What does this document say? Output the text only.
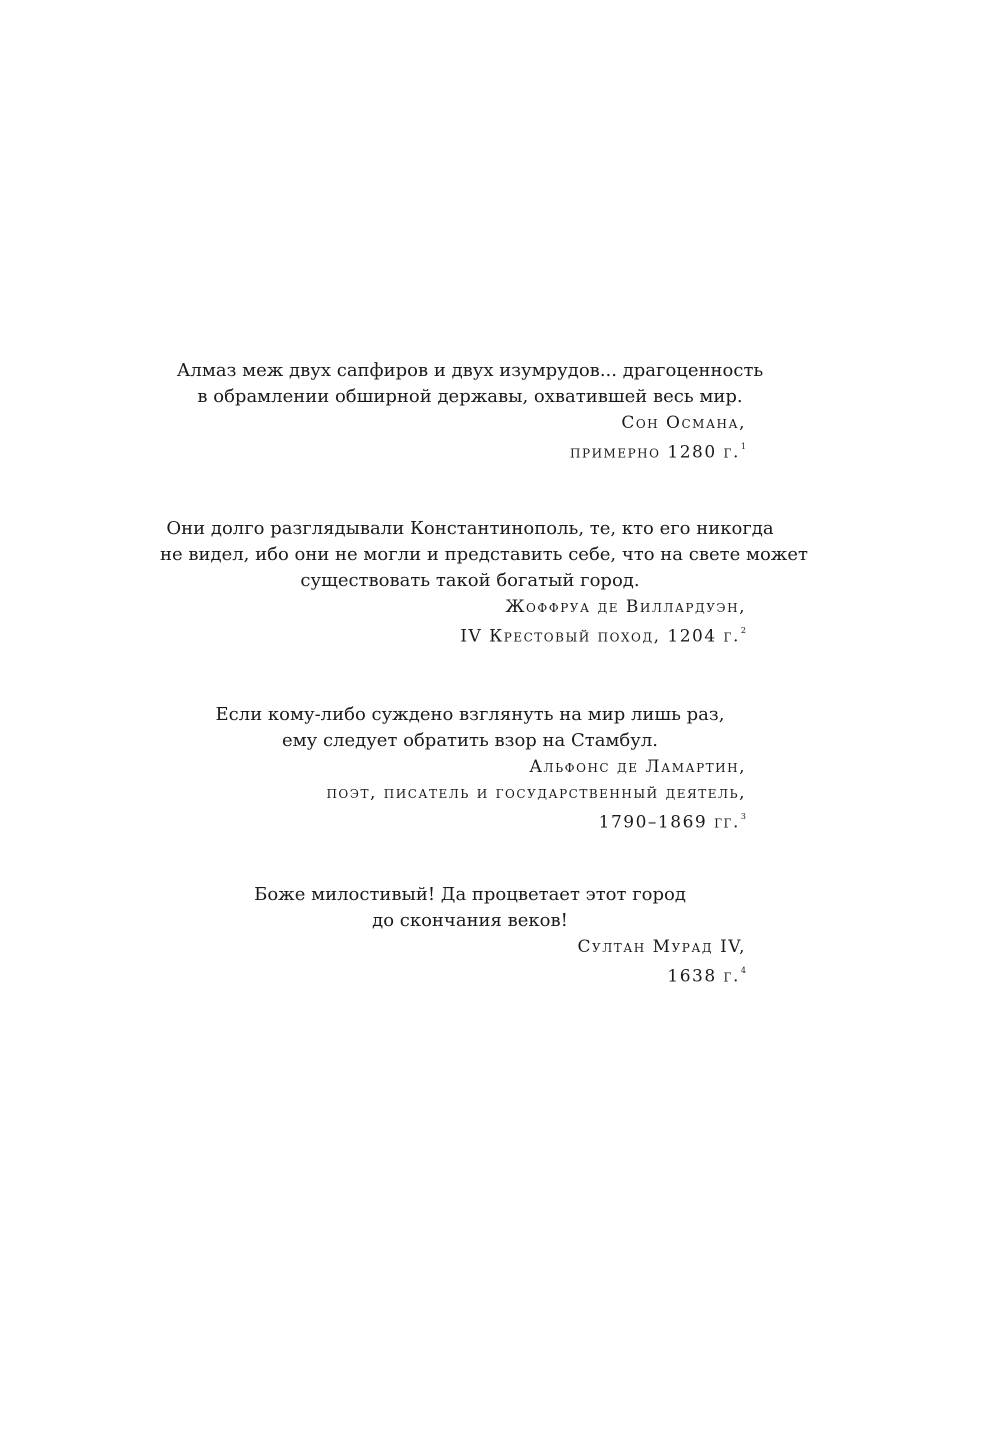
Алмаз меж двух сапфиров и двух изумрудов... драгоценность
в обрамлении обширной державы, охватившей весь мир.
Сон Османа,
примерно 1280 г.$^1$
Они долго разглядывали Константинополь, те, кто его никогда
не видел, ибо они не могли и представить себе, что на свете может
существовать такой богатый город.
Жоффруа де Виллардуэн,
IV Крестовый поход, 1204 г.$^2$
Если кому-либо суждено взглянуть на мир лишь раз,
ему следует обратить взор на Стамбул.
Альфонс де Ламартин,
поэт, писатель и государственный деятель,
1790–1869 гг.$^3$
Боже милостивый! Да процветает этот город
до скончания веков!
Султан Мурад IV,
1638 г.$^4$
